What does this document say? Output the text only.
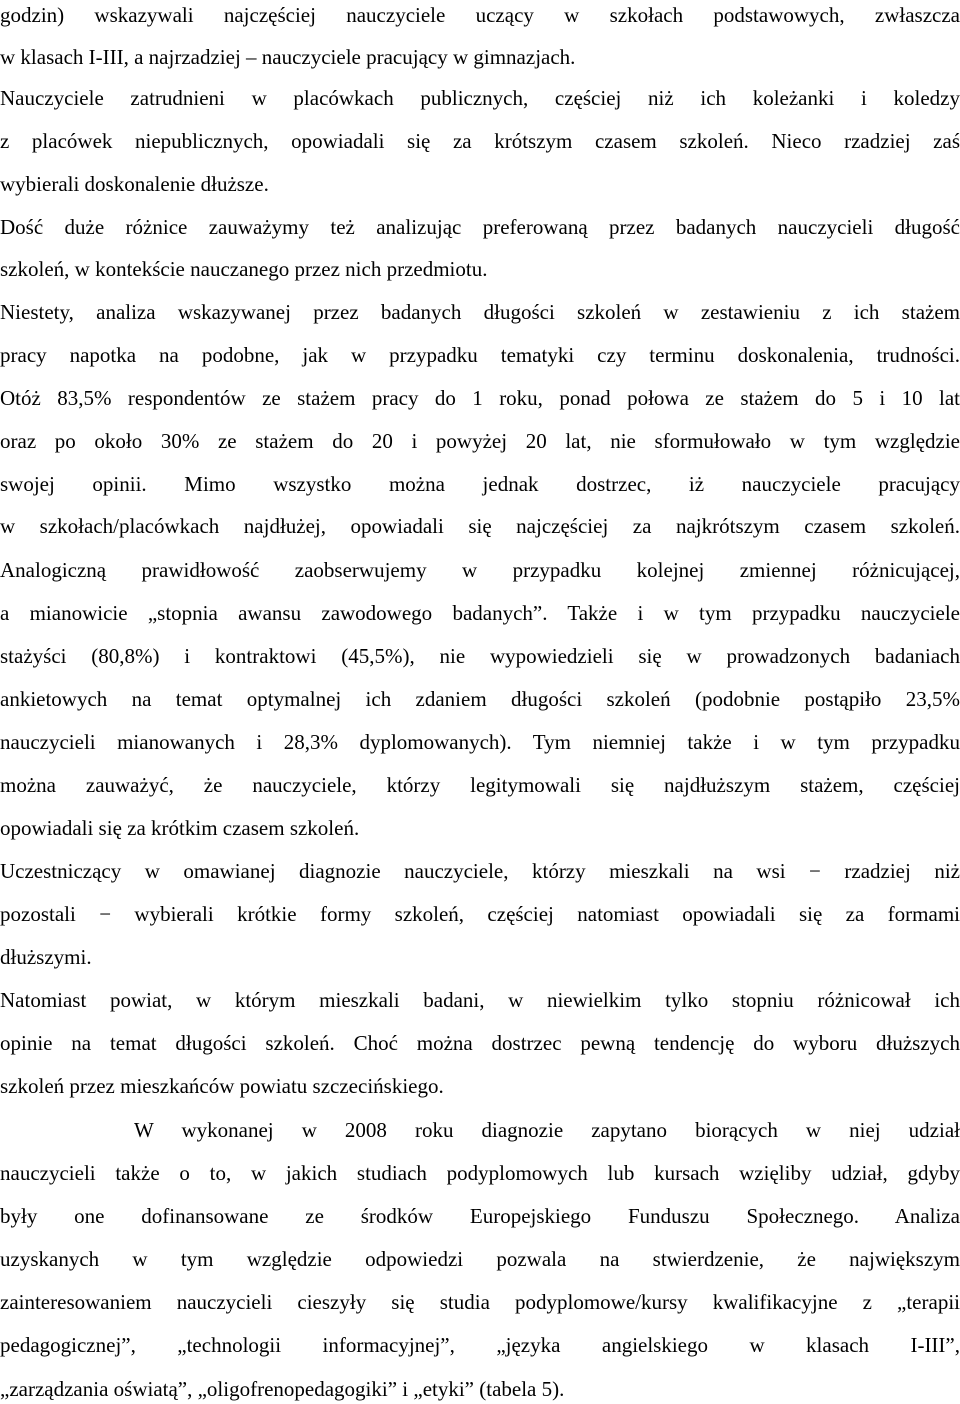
godzin) wskazywali najczęściej nauczyciele uczący w szkołach podstawowych, zwłaszcza
w klasach I-III, a najrzadziej – nauczyciele pracujący w gimnazjach.
Nauczyciele zatrudnieni w placówkach publicznych, częściej niż ich koleżanki i koledzy
z placówek niepublicznych, opowiadali się za krótszym czasem szkoleń. Nieco rzadziej zaś
wybierali doskonalenie dłuższe.
Dość duże różnice zauważymy też analizując preferowaną przez badanych nauczycieli długość
szkoleń, w kontekście nauczanego przez nich przedmiotu.
Niestety, analiza wskazywanej przez badanych długości szkoleń w zestawieniu z ich stażem
pracy napotka na podobne, jak w przypadku tematyki czy terminu doskonalenia, trudności.
Otóż 83,5% respondentów ze stażem pracy do 1 roku, ponad połowa ze stażem do 5 i 10 lat
oraz po około 30% ze stażem do 20 i powyżej 20 lat, nie sformułowało w tym względzie
swojej opinii. Mimo wszystko można jednak dostrzec, iż nauczyciele pracujący
w szkołach/placówkach najdłużej, opowiadali się najczęściej za najkrótszym czasem szkoleń.
Analogiczną prawidłowość zaobserwujemy w przypadku kolejnej zmiennej różnicującej,
a mianowicie „stopnia awansu zawodowego badanych”. Także i w tym przypadku nauczyciele
stażyści (80,8%) i kontraktowi (45,5%), nie wypowiedzieli się w prowadzonych badaniach
ankietowych na temat optymalnej ich zdaniem długości szkoleń (podobnie postąpiło 23,5%
nauczycieli mianowanych i 28,3% dyplomowanych). Tym niemniej także i w tym przypadku
można zauważyć, że nauczyciele, którzy legitymowali się najdłuższym stażem, częściej
opowiadali się za krótkim czasem szkoleń.
Uczestniczący w omawianej diagnozie nauczyciele, którzy mieszkali na wsi − rzadziej niż
pozostali − wybierali krótkie formy szkoleń, częściej natomiast opowiadali się za formami
dłuższymi.
Natomiast powiat, w którym mieszkali badani, w niewielkim tylko stopniu różnicował ich
opinie na temat długości szkoleń. Choć można dostrzec pewną tendencję do wyboru dłuższych
szkoleń przez mieszkańców powiatu szczecińskiego.
W wykonanej w 2008 roku diagnozie zapytano biorących w niej udział
nauczycieli także o to, w jakich studiach podyplomowych lub kursach wzięliby udział, gdyby
były one dofinansowane ze środków Europejskiego Funduszu Społecznego. Analiza
uzyskanych w tym względzie odpowiedzi pozwala na stwierdzenie, że największym
zainteresowaniem nauczycieli cieszyły się studia podyplomowe/kursy kwalifikacyjne z „terapii
pedagogicznej”, „technologii informacyjnej”, „języka angielskiego w klasach I-III”,
„zarządzania oświatą”, „oligofrenopedagogiki” i „etyki” (tabela 5).
